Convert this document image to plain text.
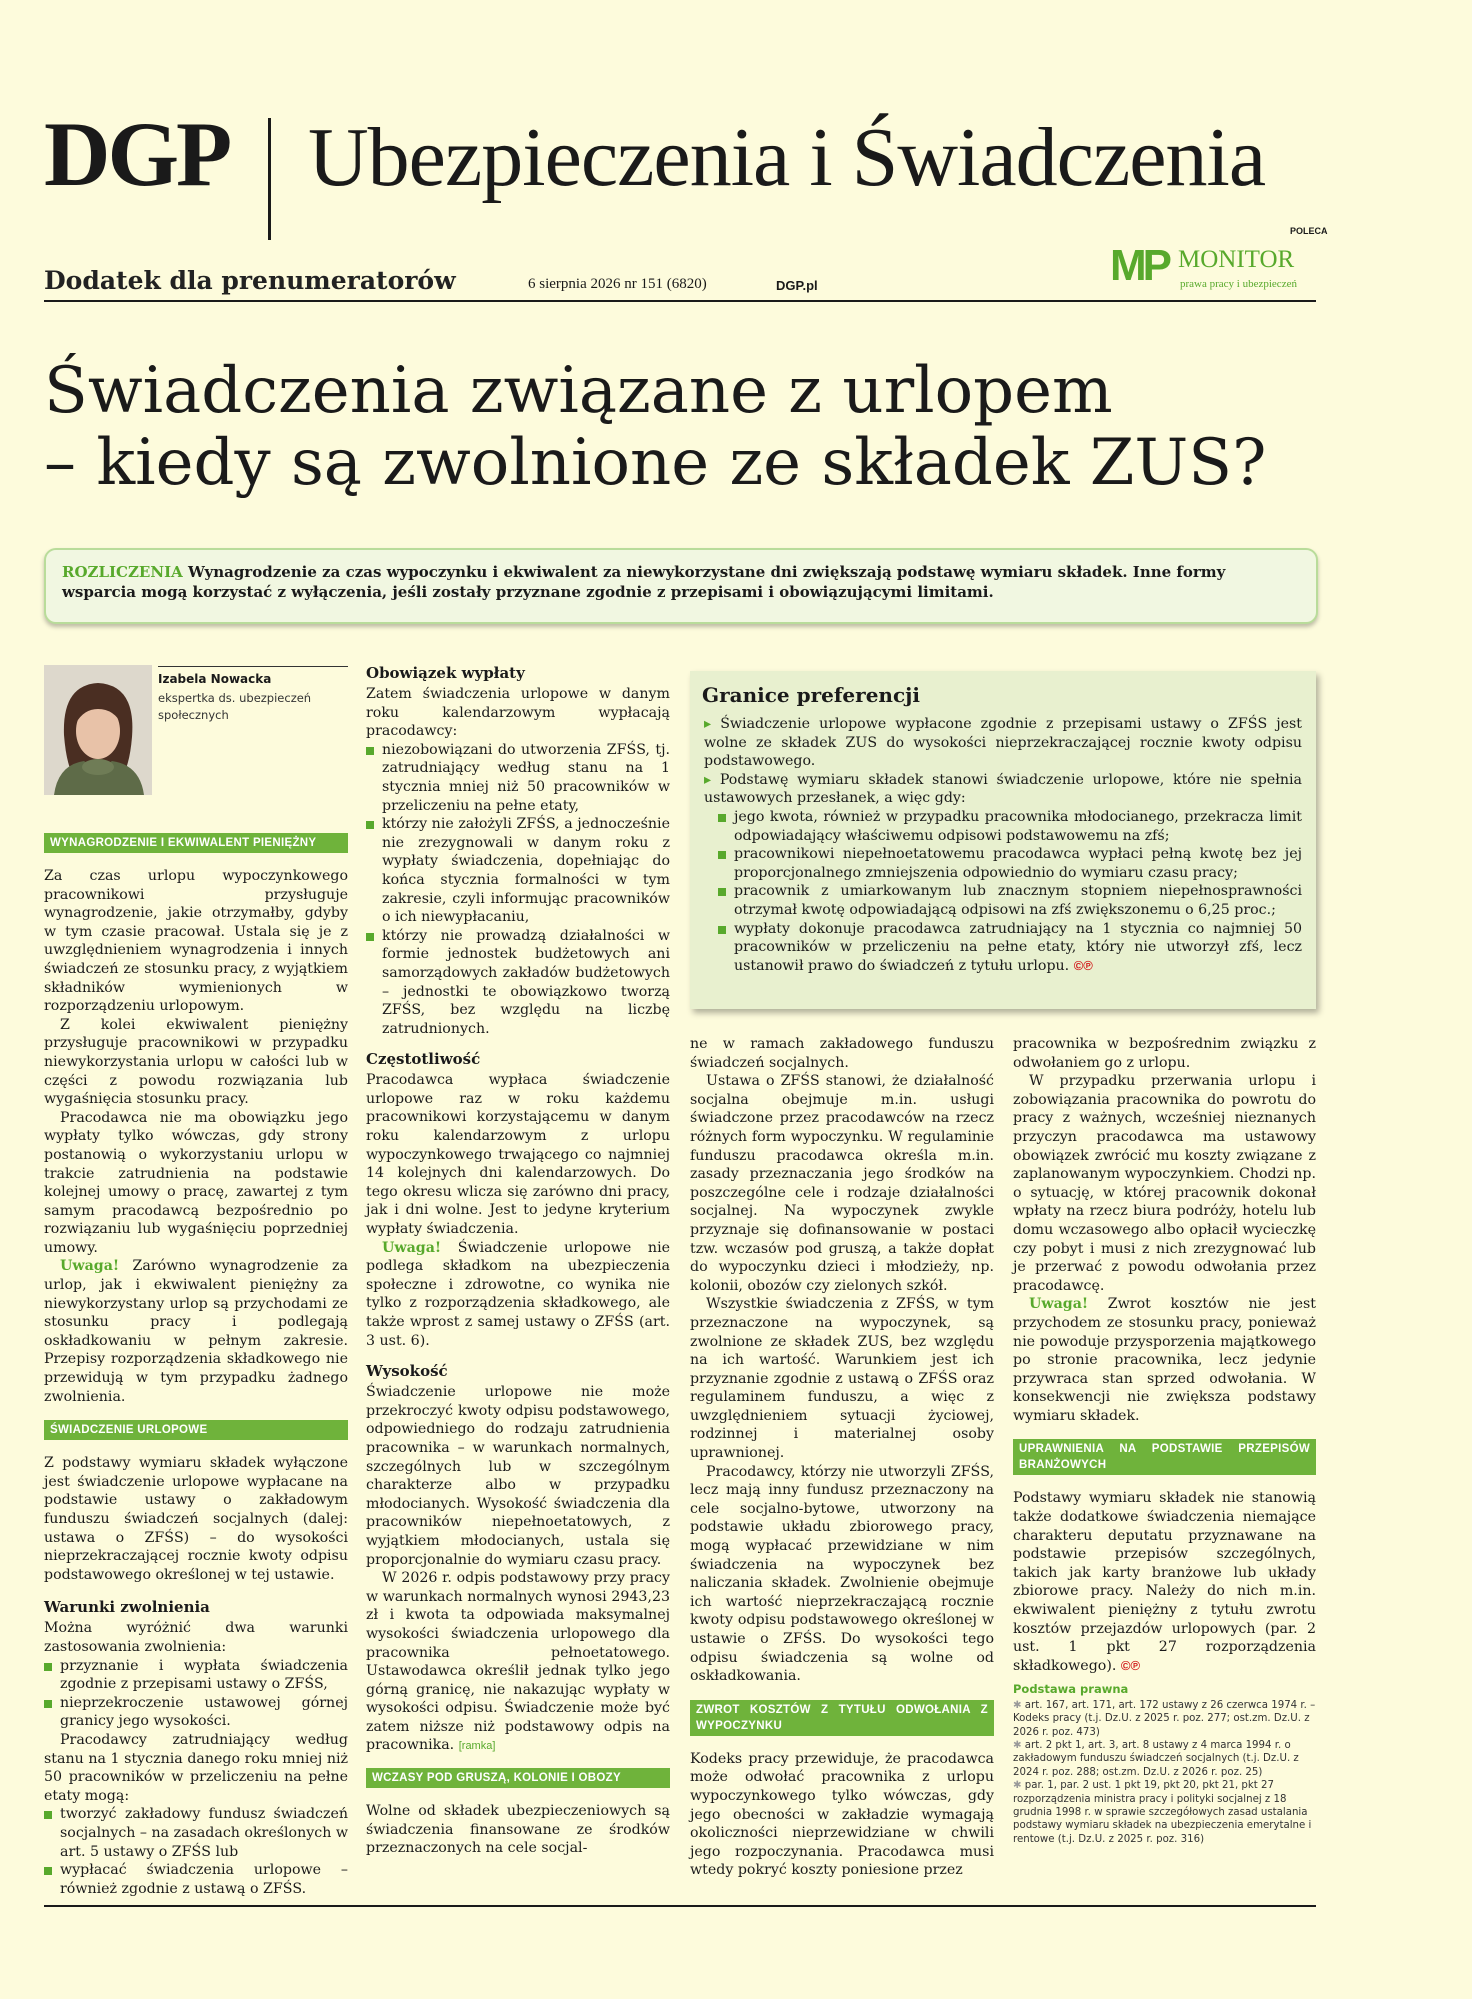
DGP Ubezpieczenia i Świadczenia
Dodatek dla prenumeratorów	6 sierpnia 2026 nr 151 (6820)	DGP.pl
POLECA
MP MONITOR
prawa pracy i ubezpieczeń
Świadczenia związane z urlopem
– kiedy są zwolnione ze składek ZUS?

ROZLICZENIA Wynagrodzenie za czas wypoczynku i ekwiwalent za niewykorzystane dni zwiększają podstawę wymiaru składek. Inne formy wsparcia mogą korzystać z wyłączenia, jeśli zostały przyznane zgodnie z przepisami i obowiązującymi limitami.

Izabela Nowacka
ekspertka ds. ubezpieczeń społecznych
WYNAGRODZENIE I EKWIWALENT PIENIĘŻNY

Za czas urlopu wypoczynkowego pracownikowi przysługuje wynagrodzenie, jakie otrzymałby, gdyby w tym czasie pracował. Ustala się je z uwzględnieniem wynagrodzenia i innych świadczeń ze stosunku pracy, z wyjątkiem składników wymienionych w rozporządzeniu urlopowym.

Z kolei ekwiwalent pieniężny przysługuje pracownikowi w przypadku niewykorzystania urlopu w całości lub w części z powodu rozwiązania lub wygaśnięcia stosunku pracy.

Pracodawca nie ma obowiązku jego wypłaty tylko wówczas, gdy strony postanowią o wykorzystaniu urlopu w trakcie zatrudnienia na podstawie kolejnej umowy o pracę, zawartej z tym samym pracodawcą bezpośrednio po rozwiązaniu lub wygaśnięciu poprzedniej umowy.

Uwaga! Zarówno wynagrodzenie za urlop, jak i ekwiwalent pieniężny za niewykorzystany urlop są przychodami ze stosunku pracy i podlegają oskładkowaniu w pełnym zakresie. Przepisy rozporządzenia składkowego nie przewidują w tym przypadku żadnego zwolnienia.

ŚWIADCZENIE URLOPOWE

Z podstawy wymiaru składek wyłączone jest świadczenie urlopowe wypłacane na podstawie ustawy o zakładowym funduszu świadczeń socjalnych (dalej: ustawa o ZFŚS) – do wysokości nieprzekraczającej rocznie kwoty odpisu podstawowego określonej w tej ustawie.

Warunki zwolnienia

Można wyróżnić dwa warunki zastosowania zwolnienia:

przyznanie i wypłata świadczenia zgodnie z przepisami ustawy o ZFŚS,
nieprzekroczenie ustawowej górnej granicy jego wysokości.

Pracodawcy zatrudniający według stanu na 1 stycznia danego roku mniej niż 50 pracowników w przeliczeniu na pełne etaty mogą:

tworzyć zakładowy fundusz świadczeń socjalnych – na zasadach określonych w art. 5 ustawy o ZFŚS lub
wypłacać świadczenia urlopowe – również zgodnie z ustawą o ZFŚS.
Obowiązek wypłaty

Zatem świadczenia urlopowe w danym roku kalendarzowym wypłacają pracodawcy:

niezobowiązani do utworzenia ZFŚS, tj. zatrudniający według stanu na 1 stycznia mniej niż 50 pracowników w przeliczeniu na pełne etaty,
którzy nie założyli ZFŚS, a jednocześnie nie zrezygnowali w danym roku z wypłaty świadczenia, dopełniając do końca stycznia formalności w tym zakresie, czyli informując pracowników o ich niewypłacaniu,
którzy nie prowadzą działalności w formie jednostek budżetowych ani samorządowych zakładów budżetowych – jednostki te obowiązkowo tworzą ZFŚS, bez względu na liczbę zatrudnionych.
Częstotliwość

Pracodawca wypłaca świadczenie urlopowe raz w roku każdemu pracownikowi korzystającemu w danym roku kalendarzowym z urlopu wypoczynkowego trwającego co najmniej 14 kolejnych dni kalendarzowych. Do tego okresu wlicza się zarówno dni pracy, jak i dni wolne. Jest to jedyne kryterium wypłaty świadczenia.

Uwaga! Świadczenie urlopowe nie podlega składkom na ubezpieczenia społeczne i zdrowotne, co wynika nie tylko z rozporządzenia składkowego, ale także wprost z samej ustawy o ZFŚS (art. 3 ust. 6).

Wysokość

Świadczenie urlopowe nie może przekroczyć kwoty odpisu podstawowego, odpowiedniego do rodzaju zatrudnienia pracownika – w warunkach normalnych, szczególnych lub w szczególnym charakterze albo w przypadku młodocianych. Wysokość świadczenia dla pracowników niepełnoetatowych, z wyjątkiem młodocianych, ustala się proporcjonalnie do wymiaru czasu pracy.

W 2026 r. odpis podstawowy przy pracy w warunkach normalnych wynosi 2943,23 zł i kwota ta odpowiada maksymalnej wysokości świadczenia urlopowego dla pracownika pełnoetatowego. Ustawodawca określił jednak tylko jego górną granicę, nie nakazując wypłaty w wysokości odpisu. Świadczenie może być zatem niższe niż podstawowy odpis na pracownika. [ramka]

WCZASY POD GRUSZĄ, KOLONIE I OBOZY

Wolne od składek ubezpieczeniowych są świadczenia finansowane ze środków przeznaczonych na cele socjal-

Granice preferencji

▸ Świadczenie urlopowe wypłacone zgodnie z przepisami ustawy o ZFŚS jest wolne ze składek ZUS do wysokości nieprzekraczającej rocznie kwoty odpisu podstawowego.

▸ Podstawę wymiaru składek stanowi świadczenie urlopowe, które nie spełnia ustawowych przesłanek, a więc gdy:

jego kwota, również w przypadku pracownika młodocianego, przekracza limit odpowiadający właściwemu odpisowi podstawowemu na zfś;
pracownikowi niepełnoetatowemu pracodawca wypłaci pełną kwotę bez jej proporcjonalnego zmniejszenia odpowiednio do wymiaru czasu pracy;
pracownik z umiarkowanym lub znacznym stopniem niepełnosprawności otrzymał kwotę odpowiadającą odpisowi na zfś zwiększonemu o 6,25 proc.;
wypłaty dokonuje pracodawca zatrudniający na 1 stycznia co najmniej 50 pracowników w przeliczeniu na pełne etaty, który nie utworzył zfś, lecz ustanowił prawo do świadczeń z tytułu urlopu. ©℗

ne w ramach zakładowego funduszu świadczeń socjalnych.

Ustawa o ZFŚS stanowi, że działalność socjalna obejmuje m.in. usługi świadczone przez pracodawców na rzecz różnych form wypoczynku. W regulaminie funduszu pracodawca określa m.in. zasady przeznaczania jego środków na poszczególne cele i rodzaje działalności socjalnej. Na wypoczynek zwykle przyznaje się dofinansowanie w postaci tzw. wczasów pod gruszą, a także dopłat do wypoczynku dzieci i młodzieży, np. kolonii, obozów czy zielonych szkół.

Wszystkie świadczenia z ZFŚS, w tym przeznaczone na wypoczynek, są zwolnione ze składek ZUS, bez względu na ich wartość. Warunkiem jest ich przyznanie zgodnie z ustawą o ZFŚS oraz regulaminem funduszu, a więc z uwzględnieniem sytuacji życiowej, rodzinnej i materialnej osoby uprawnionej.

Pracodawcy, którzy nie utworzyli ZFŚS, lecz mają inny fundusz przeznaczony na cele socjalno-bytowe, utworzony na podstawie układu zbiorowego pracy, mogą wypłacać przewidziane w nim świadczenia na wypoczynek bez naliczania składek. Zwolnienie obejmuje ich wartość nieprzekraczającą rocznie kwoty odpisu podstawowego określonej w ustawie o ZFŚS. Do wysokości tego odpisu świadczenia są wolne od oskładkowania.

ZWROT KOSZTÓW Z TYTUŁU ODWOŁANIA Z WYPOCZYNKU

Kodeks pracy przewiduje, że pracodawca może odwołać pracownika z urlopu wypoczynkowego tylko wówczas, gdy jego obecności w zakładzie wymagają okoliczności nieprzewidziane w chwili jego rozpoczynania. Pracodawca musi wtedy pokryć koszty poniesione przez

pracownika w bezpośrednim związku z odwołaniem go z urlopu.

W przypadku przerwania urlopu i zobowiązania pracownika do powrotu do pracy z ważnych, wcześniej nieznanych przyczyn pracodawca ma ustawowy obowiązek zwrócić mu koszty związane z zaplanowanym wypoczynkiem. Chodzi np. o sytuację, w której pracownik dokonał wpłaty na rzecz biura podróży, hotelu lub domu wczasowego albo opłacił wycieczkę czy pobyt i musi z nich zrezygnować lub je przerwać z powodu odwołania przez pracodawcę.

Uwaga! Zwrot kosztów nie jest przychodem ze stosunku pracy, ponieważ nie powoduje przysporzenia majątkowego po stronie pracownika, lecz jedynie przywraca stan sprzed odwołania. W konsekwencji nie zwiększa podstawy wymiaru składek.

UPRAWNIENIA NA PODSTAWIE PRZEPISÓW BRANŻOWYCH

Podstawy wymiaru składek nie stanowią także dodatkowe świadczenia niemające charakteru deputatu przyznawane na podstawie przepisów szczególnych, takich jak karty branżowe lub układy zbiorowe pracy. Należy do nich m.in. ekwiwalent pieniężny z tytułu zwrotu kosztów przejazdów urlopowych (par. 2 ust. 1 pkt 27 rozporządzenia składkowego). ©℗

Podstawa prawna
✱ art. 167, art. 171, art. 172 ustawy z 26 czerwca 1974 r. – Kodeks pracy (t.j. Dz.U. z 2025 r. poz. 277; ost.zm. Dz.U. z 2026 r. poz. 473)
✱ art. 2 pkt 1, art. 3, art. 8 ustawy z 4 marca 1994 r. o zakładowym funduszu świadczeń socjalnych (t.j. Dz.U. z 2024 r. poz. 288; ost.zm. Dz.U. z 2026 r. poz. 25)
✱ par. 1, par. 2 ust. 1 pkt 19, pkt 20, pkt 21, pkt 27 rozporządzenia ministra pracy i polityki socjalnej z 18 grudnia 1998 r. w sprawie szczegółowych zasad ustalania podstawy wymiaru składek na ubezpieczenia emerytalne i rentowe (t.j. Dz.U. z 2025 r. poz. 316)
